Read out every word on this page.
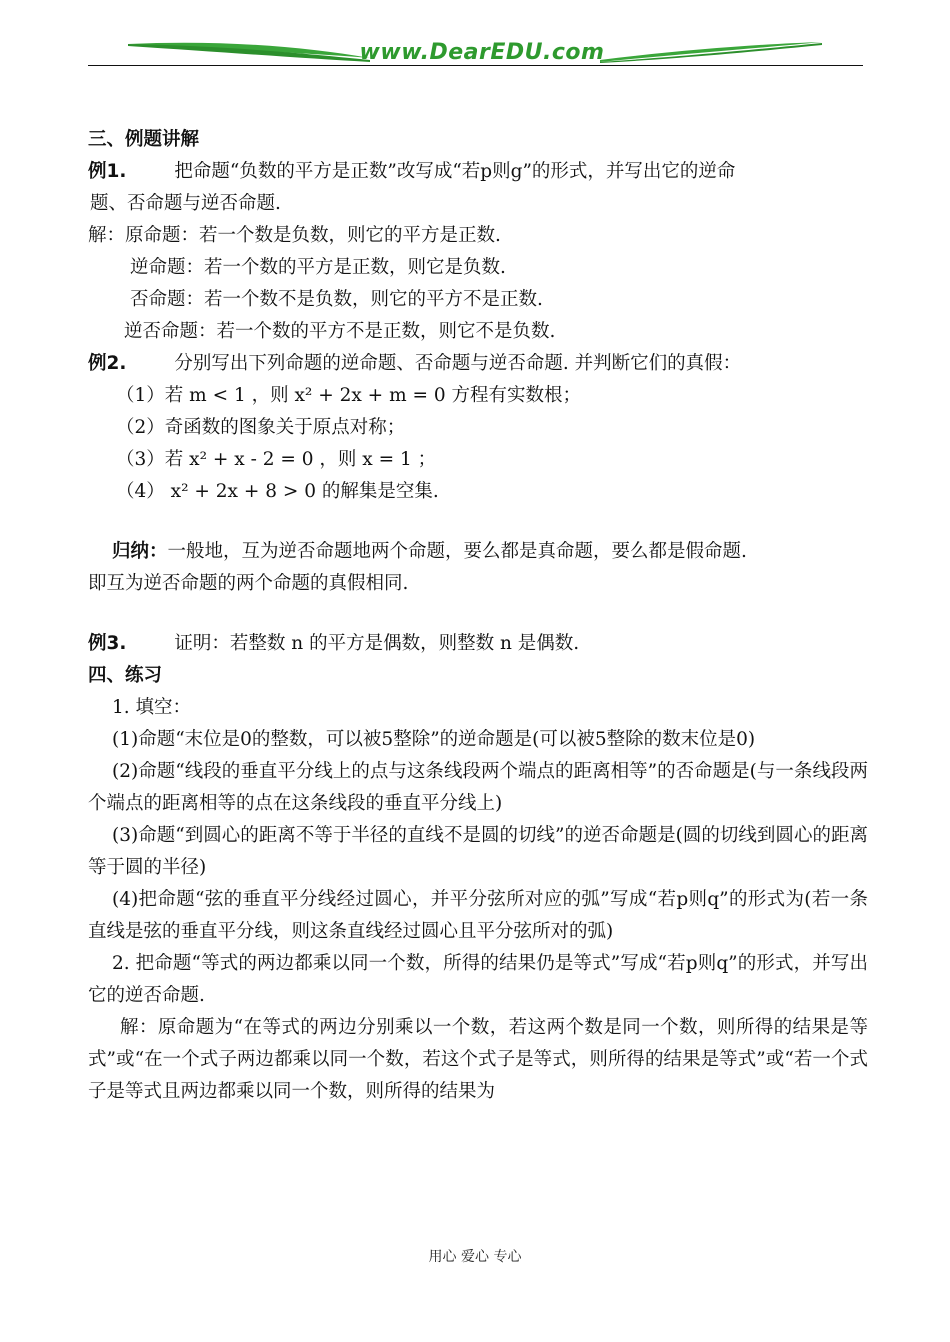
www.DearEDU.com
三、例题讲解
例1.	把命题“负数的平方是正数”改写成“若p则g”的形式，并写出它的逆命
题、否命题与逆否命题.
解：原命题：若一个数是负数，则它的平方是正数.
逆命题：若一个数的平方是正数，则它是负数.
否命题：若一个数不是负数，则它的平方不是正数.
逆否命题：若一个数的平方不是正数，则它不是负数.
例2.	分别写出下列命题的逆命题、否命题与逆否命题. 并判断它们的真假：
（1）若 m < 1 ，则 x² + 2x + m = 0 方程有实数根；
（2）奇函数的图象关于原点对称；
（3）若 x² + x - 2 = 0 ，则 x = 1 ；
（4） x² + 2x + 8 > 0 的解集是空集.
归纳：一般地，互为逆否命题地两个命题，要么都是真命题，要么都是假命题.
即互为逆否命题的两个命题的真假相同.
例3.	证明：若整数 n 的平方是偶数，则整数 n 是偶数.
四、练习
1. 填空：
(1)命题“末位是0的整数，可以被5整除”的逆命题是(可以被5整除的数末位是0)
(2)命题“线段的垂直平分线上的点与这条线段两个端点的距离相等”的否命题是(与一条线段两个端点的距离相等的点在这条线段的垂直平分线上)
(3)命题“到圆心的距离不等于半径的直线不是圆的切线”的逆否命题是(圆的切线到圆心的距离等于圆的半径)
(4)把命题“弦的垂直平分线经过圆心，并平分弦所对应的弧”写成“若p则q”的形式为(若一条直线是弦的垂直平分线，则这条直线经过圆心且平分弦所对的弧)
2. 把命题“等式的两边都乘以同一个数，所得的结果仍是等式”写成“若p则q”的形式，并写出它的逆否命题.
解：原命题为“在等式的两边分别乘以一个数，若这两个数是同一个数，则所得的结果是等式”或“在一个式子两边都乘以同一个数，若这个式子是等式，则所得的结果是等式”或“若一个式子是等式且两边都乘以同一个数，则所得的结果为
用心 爱心 专心
